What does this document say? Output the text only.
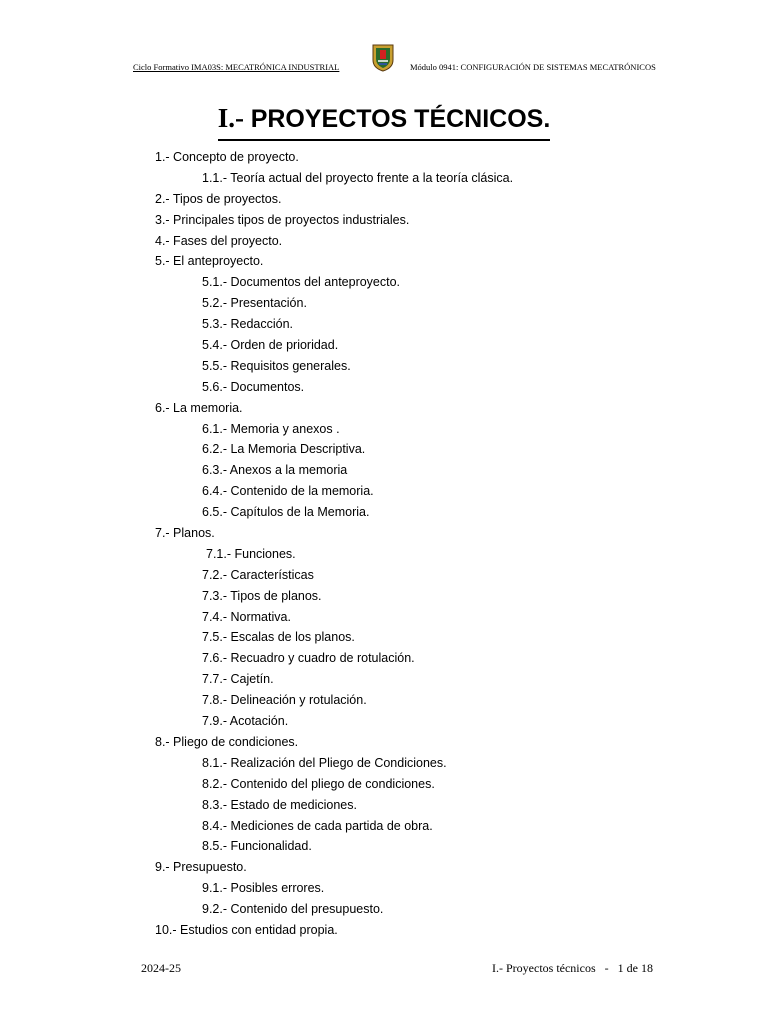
Ciclo Formativo IMA03S: MECATRÓNICA INDUSTRIAL	Módulo 0941: CONFIGURACIÓN DE SISTEMAS MECATRÓNICOS
I.- PROYECTOS TÉCNICOS.
1.- Concepto de proyecto.
1.1.- Teoría actual del proyecto frente a la teoría clásica.
2.- Tipos de proyectos.
3.- Principales tipos de proyectos industriales.
4.- Fases del proyecto.
5.- El anteproyecto.
5.1.- Documentos del anteproyecto.
5.2.- Presentación.
5.3.- Redacción.
5.4.- Orden de prioridad.
5.5.- Requisitos generales.
5.6.- Documentos.
6.- La memoria.
6.1.- Memoria y anexos .
6.2.- La Memoria Descriptiva.
6.3.- Anexos a la memoria
6.4.- Contenido de la memoria.
6.5.- Capítulos de la Memoria.
7.- Planos.
7.1.- Funciones.
7.2.- Características
7.3.- Tipos de planos.
7.4.- Normativa.
7.5.- Escalas de los planos.
7.6.- Recuadro y cuadro de rotulación.
7.7.- Cajetín.
7.8.- Delineación y rotulación.
7.9.- Acotación.
8.- Pliego de condiciones.
8.1.- Realización del Pliego de Condiciones.
8.2.- Contenido del pliego de condiciones.
8.3.- Estado de mediciones.
8.4.- Mediciones de cada partida de obra.
8.5.- Funcionalidad.
9.- Presupuesto.
9.1.- Posibles errores.
9.2.- Contenido del presupuesto.
10.- Estudios con entidad propia.
2024-25	I.- Proyectos técnicos - 1 de 18
